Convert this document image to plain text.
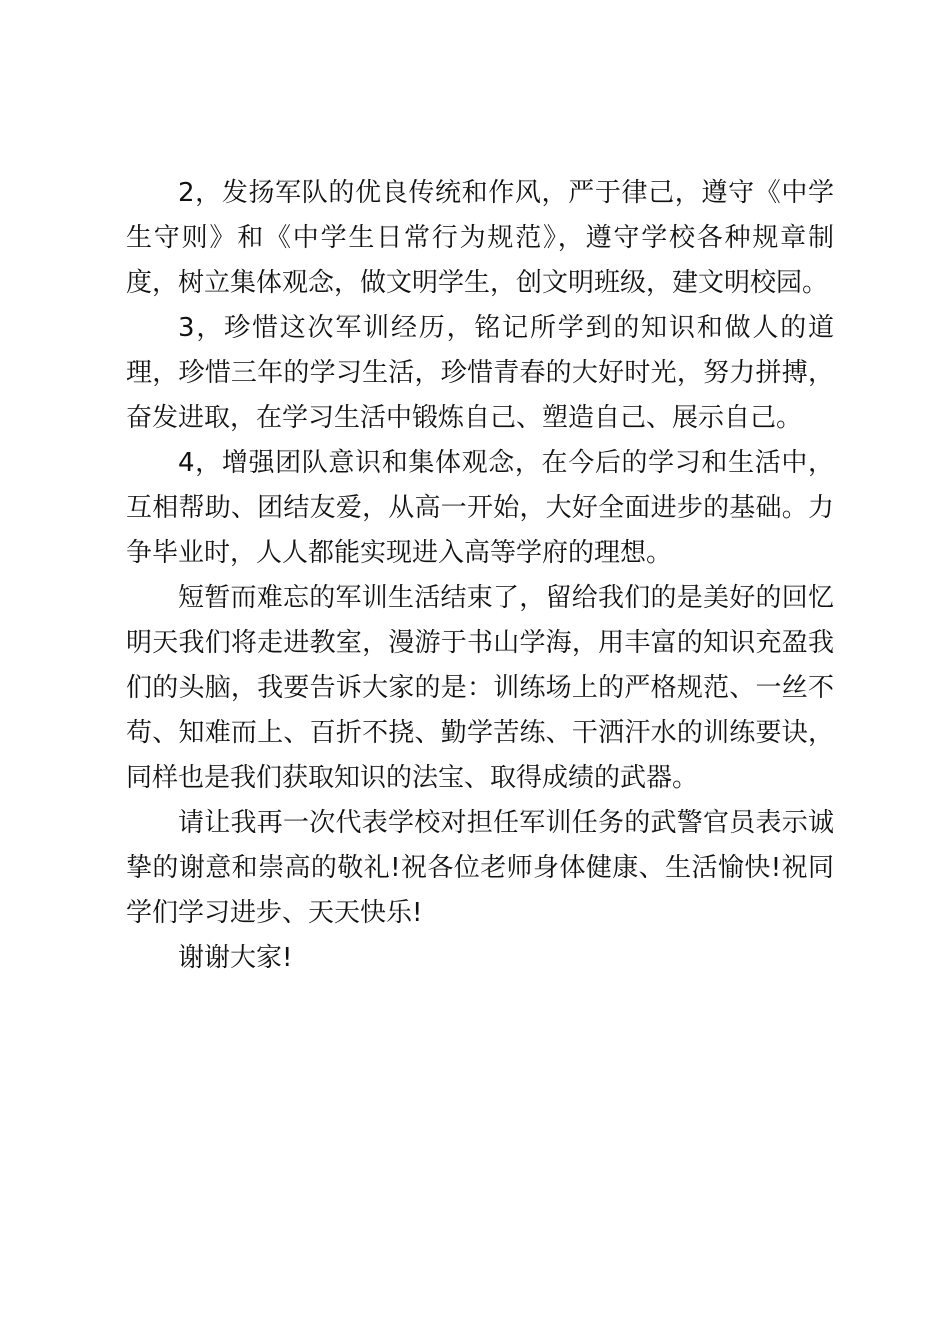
2，发扬军队的优良传统和作风，严于律己，遵守《中学生守则》和《中学生日常行为规范》，遵守学校各种规章制度，树立集体观念，做文明学生，创文明班级，建文明校园。

3，珍惜这次军训经历，铭记所学到的知识和做人的道理，珍惜三年的学习生活，珍惜青春的大好时光，努力拼搏，奋发进取，在学习生活中锻炼自己、塑造自己、展示自己。

4，增强团队意识和集体观念，在今后的学习和生活中，互相帮助、团结友爱，从高一开始，大好全面进步的基础。力争毕业时，人人都能实现进入高等学府的理想。

短暂而难忘的军训生活结束了，留给我们的是美好的回忆明天我们将走进教室，漫游于书山学海，用丰富的知识充盈我们的头脑，我要告诉大家的是：训练场上的严格规范、一丝不苟、知难而上、百折不挠、勤学苦练、干洒汗水的训练要诀，同样也是我们获取知识的法宝、取得成绩的武器。

请让我再一次代表学校对担任军训任务的武警官员表示诚挚的谢意和崇高的敬礼!祝各位老师身体健康、生活愉快!祝同学们学习进步、天天快乐!

谢谢大家!
